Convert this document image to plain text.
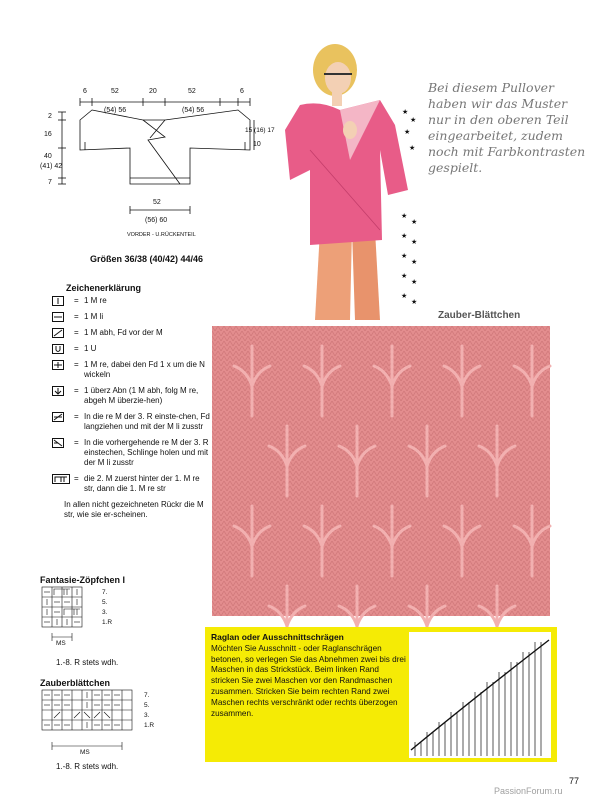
6	52
(54) 56
20	52
(54) 56
6
2
16
40
(41) 42
7
15 (16) 17
10
52
(56) 60
VORDER - U.RÜCKENTEIL
Größen 36/38 (40/42) 44/46
★
★
★
★
★
★
★
★
★
★
★
★
★
★
Bei diesem Pullover haben wir das Muster nur in den oberen Teil eingearbeitet, zudem noch mit Farbkontrasten gespielt.
Zeichenerklärung
= 1 M re
= 1 M li
= 1 M abh, Fd vor der M
= 1 U
= 1 M re, dabei den Fd 1 x um die N wickeln
= 1 überz Abn (1 M abh, folg M re, abgeh M überzie-hen)
= In die re M der 3. R einste-chen, Fd langziehen und mit der M li zusstr
= In die vorhergehende re M der 3. R einstechen, Schlinge holen und mit der M li zusstr
= die 2. M zuerst hinter der 1. M re str, dann die 1. M re str
In allen nicht gezeichneten Rückr die M str, wie sie er-scheinen.
Zauber-Blättchen
Raglan oder Ausschnittschrägen
Möchten Sie Ausschnitt - oder Raglanschrägen betonen, so verlegen Sie das Abnehmen zwei bis drei Maschen in das Strickstück. Beim linken Rand stricken Sie zwei Maschen vor den Randmaschen zusammen. Stricken Sie beim rechten Rand zwei Maschen rechts verschränkt oder rechts überzogen zusammen.
Fantasie-Zöpfchen I
7.
5.
3.
1.R
MS
1.-8. R stets wdh.
Zauberblättchen
7.
5.
3.
1.R
MS
1.-8. R stets wdh.
77
PassionForum.ru
